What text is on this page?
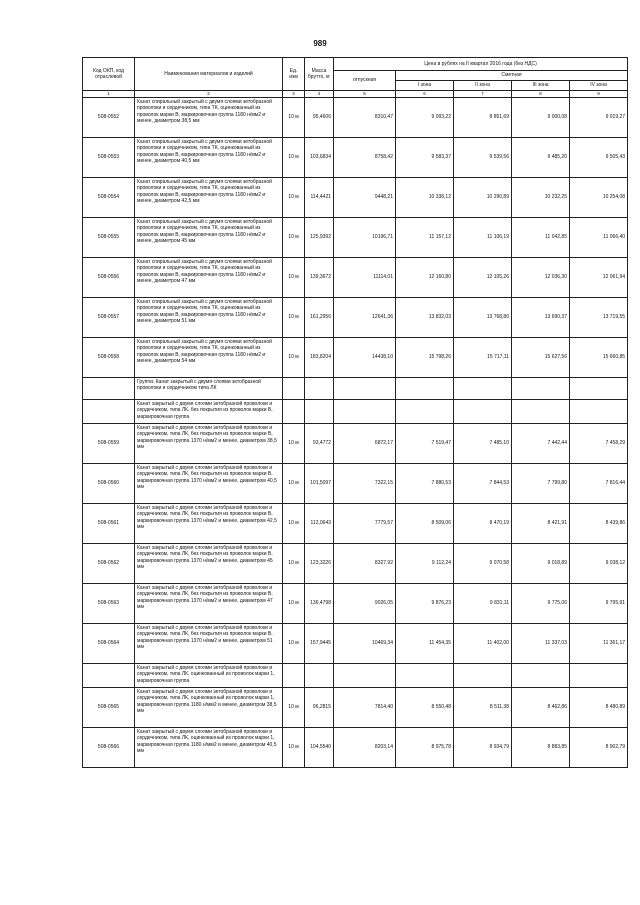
989
Код ОКП, код отраслевой	Наименования материалов и изделий	Ед. изм	Масса брутто, кг	Цена в рублях на II квартал 2016 года (без НДС)				
				отпускная	Сметная			
					I зона	II зона	III зона	IV зона
1	2	3	4	5	6	7	8	9
508-0552	Канат спиральный закрытый с двумя слоями зетобразной проволоки и сердечником, типа ТК, оцинкованный из проволок марки В, маркировочная группа 1180 н/мм2 и менее, диаметром 38,5 мм	10 м	95,4606	8310,47	9 093,22	8 851,69	9 000,08	9 019,27
508-0553	Канат спиральный закрытый с двумя слоями зетобразной проволоки и сердечником, типа ТК, оцинкованный из проволок марки В, маркировочная группа 1180 н/мм2 и менее, диаметром 40,5 мм	10 м	103,6834	8758,42	9 583,37	9 539,56	9 485,20	9 505,43
508-0554	Канат спиральный закрытый с двумя слоями зетобразной проволоки и сердечником, типа ТК, оцинкованный из проволок марки В, маркировочная группа 1180 н/мм2 и менее, диаметром 42,5 мм	10 м	114,4421	9448,21	10 338,12	10 290,89	10 232,25	10 254,08
508-0555	Канат спиральный закрытый с двумя слоями зетобразной проволоки и сердечником, типа ТК, оцинкованный из проволок марки В, маркировочная группа 1180 н/мм2 и менее, диаметром 45 мм	10 м	125,9392	10196,71	11 157,12	11 106,19	11 042,85	11 066,40
508-0556	Канат спиральный закрытый с двумя слоями зетобразной проволоки и сердечником, типа ТК, оцинкованный из проволок марки В, маркировочная группа 1180 н/мм2 и менее, диаметром 47 мм	10 м	139,3672	11114,01	12 160,80	12 105,26	12 036,30	12 061,94
508-0557	Канат спиральный закрытый с двумя слоями зетобразной проволоки и сердечником, типа ТК, оцинкованный из проволок марки В, маркировочная группа 1180 н/мм2 и менее, диаметром 51 мм	10 м	161,2956	12641,36	13 832,03	13 768,80	13 690,37	13 719,55
508-0558	Канат спиральный закрытый с двумя слоями зетобразной проволоки и сердечником, типа ТК, оцинкованный из проволок марки В, маркировочная группа 1180 н/мм2 и менее, диаметром 54 мм	10 м	183,8204	14438,10	15 798,26	15 717,11	15 627,56	15 660,85
	Группа: Канат закрытый с двумя слоями зетобразной проволоки и сердечником типа ЛК							
	Канат закрытый с двумя слоями зетобразной проволоки и сердечником, типа ЛК, без покрытия из проволок марки В, маркировочная группа							
508-0559	Канат закрытый с двумя слоями зетобразной проволоки и сердечником, типа ЛК, без покрытия из проволок марки В, маркировочная группа 1370 н/мм2 и менее, диаметром 38,5 мм	10 м	93,4772	6872,17	7 519,47	7 485,10	7 442,44	7 458,29
508-0560	Канат закрытый с двумя слоями зетобразной проволоки и сердечником, типа ЛК, без покрытия из проволок марки В, маркировочная группа 1370 н/мм2 и менее, диаметром 40,5 мм	10 м	101,5097	7322,15	7 880,53	7 844,53	7 799,80	7 816,44
508-0561	Канат закрытый с двумя слоями зетобразной проволоки и сердечником, типа ЛК, без покрытия из проволок марки В, маркировочная группа 1370 н/мм2 и менее, диаметром 42,5 мм	10 м	112,0643	7779,57	8 509,06	8 470,19	8 421,91	8 439,86
508-0562	Канат закрытый с двумя слоями зетобразной проволоки и сердечником, типа ЛК, без покрытия из проволок марки В, маркировочная группа 1370 н/мм2 и менее, диаметром 45 мм	10 м	123,3226	8327,92	9 112,24	9 070,58	9 018,89	9 038,12
508-0563	Канат закрытый с двумя слоями зетобразной проволоки и сердечником, типа ЛК, без покрытия из проволок марки В, маркировочная группа 1370 н/мм2 и менее, диаметром 47 мм	10 м	136,4798	9026,05	9 876,23	9 831,11	9 775,06	9 795,91
508-0564	Канат закрытый с двумя слоями зетобразной проволоки и сердечником, типа ЛК, без покрытия из проволок марки В, маркировочная группа 1370 н/мм2 и менее, диаметром 51 мм	10 м	157,9445	10469,34	11 454,35	11 402,00	11 337,03	11 361,17
	Канат закрытый с двумя слоями зетобразной проволоки и сердечником, типа ЛК, оцинкованный из проволок марки 1, маркировочная группа							
508-0565	Канат закрытый с двумя слоями зетобразной проволоки и сердечником, типа ЛК, оцинкованный из проволок марки 1, маркировочная группа 1180 н/мм2 и менее, диаметром 38,5 мм	10 м	96,2815	7814,40	8 550,48	8 511,38	8 462,86	8 480,89
508-0566	Канат закрытый с двумя слоями зетобразной проволоки и сердечником, типа ЛК, оцинкованный из проволок марки 1, маркировочная группа 1180 н/мм2 и менее, диаметром 40,5 мм	10 м	104,5540	8203,14	8 975,78	8 934,79	8 883,85	8 902,79
